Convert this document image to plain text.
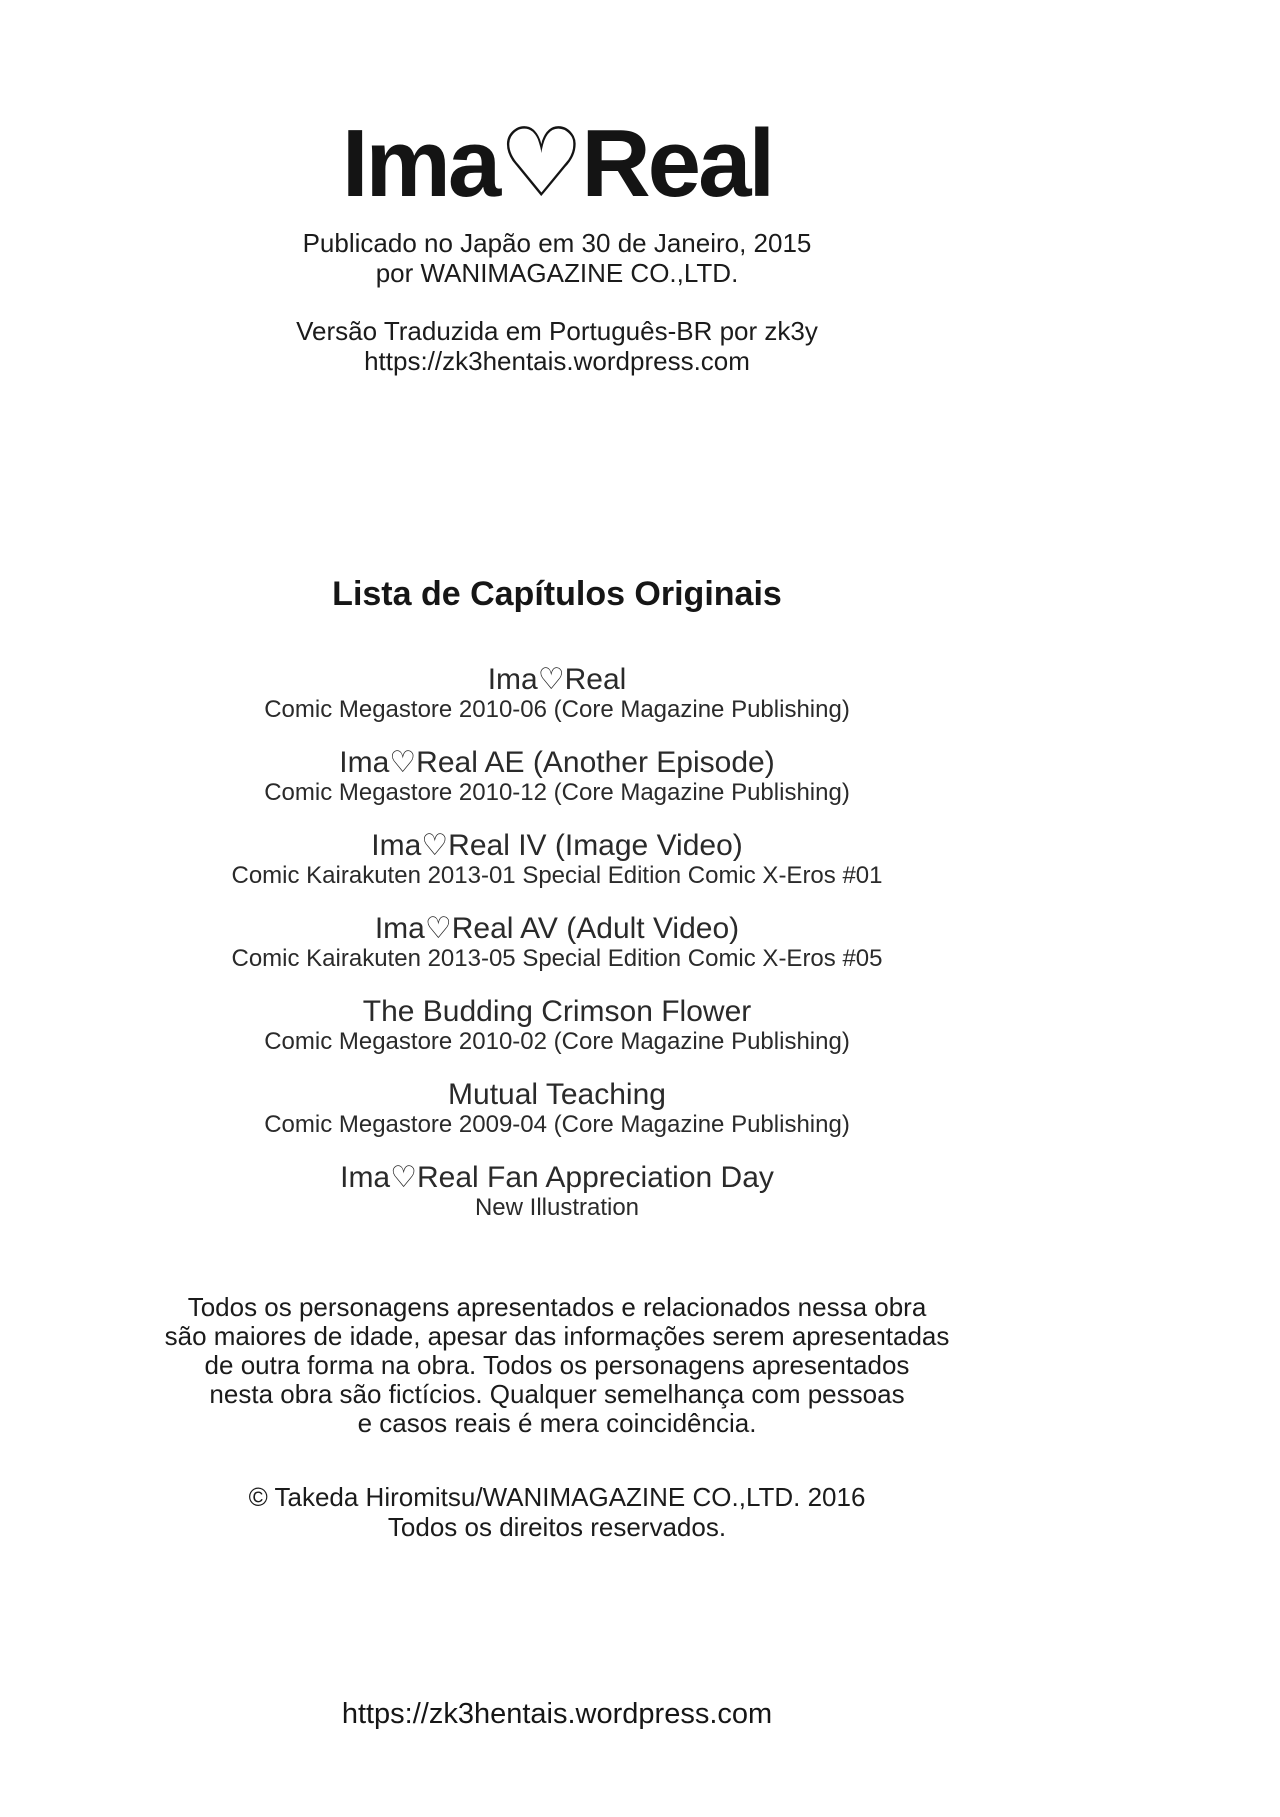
Ima♡Real
Publicado no Japão em 30 de Janeiro, 2015
por WANIMAGAZINE CO.,LTD.
Versão Traduzida em Português-BR por zk3y
https://zk3hentais.wordpress.com
Lista de Capítulos Originais
Ima♡Real
Comic Megastore 2010-06 (Core Magazine Publishing)
Ima♡Real AE (Another Episode)
Comic Megastore 2010-12 (Core Magazine Publishing)
Ima♡Real IV (Image Video)
Comic Kairakuten 2013-01 Special Edition Comic X-Eros #01
Ima♡Real AV (Adult Video)
Comic Kairakuten 2013-05 Special Edition Comic X-Eros #05
The Budding Crimson Flower
Comic Megastore 2010-02 (Core Magazine Publishing)
Mutual Teaching
Comic Megastore 2009-04 (Core Magazine Publishing)
Ima♡Real Fan Appreciation Day
New Illustration
Todos os personagens apresentados e relacionados nessa obra
são maiores de idade, apesar das informações serem apresentadas
de outra forma na obra. Todos os personagens apresentados
nesta obra são fictícios. Qualquer semelhança com pessoas
e casos reais é mera coincidência.
© Takeda Hiromitsu/WANIMAGAZINE CO.,LTD. 2016
Todos os direitos reservados.
https://zk3hentais.wordpress.com
